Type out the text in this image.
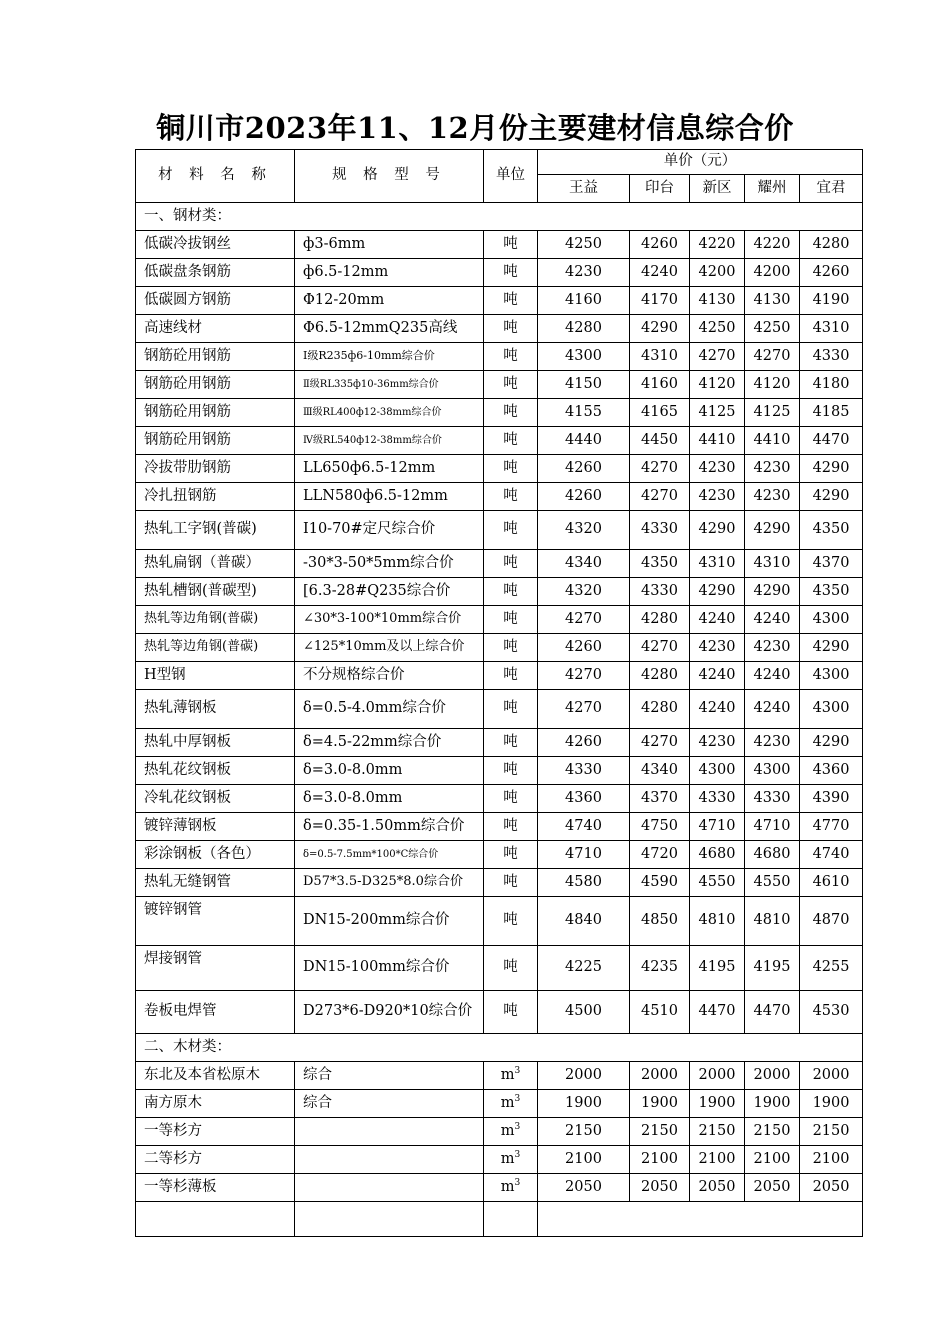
铜川市2023年11、12月份主要建材信息综合价
材 料 名 称	规 格 型 号	单位	单价（元）				
			王益	印台	新区	耀州	宜君
一、钢材类：							
低碳冷拔钢丝	ф3-6mm	吨	4250	4260	4220	4220	4280
低碳盘条钢筋	ф6.5-12mm	吨	4230	4240	4200	4200	4260
低碳圆方钢筋	Φ12-20mm	吨	4160	4170	4130	4130	4190
高速线材	Φ6.5-12mmQ235高线	吨	4280	4290	4250	4250	4310
钢筋砼用钢筋	Ⅰ级R235ф6-10mm综合价	吨	4300	4310	4270	4270	4330
钢筋砼用钢筋	Ⅱ级RL335ф10-36mm综合价	吨	4150	4160	4120	4120	4180
钢筋砼用钢筋	Ⅲ级RL400ф12-38mm综合价	吨	4155	4165	4125	4125	4185
钢筋砼用钢筋	Ⅳ级RL540ф12-38mm综合价	吨	4440	4450	4410	4410	4470
冷拔带肋钢筋	LL650ф6.5-12mm	吨	4260	4270	4230	4230	4290
冷扎扭钢筋	LLN580ф6.5-12mm	吨	4260	4270	4230	4230	4290
热轧工字钢(普碳)	Ⅰ10-70#定尺综合价	吨	4320	4330	4290	4290	4350
热轧扁钢（普碳）	-30*3-50*5mm综合价	吨	4340	4350	4310	4310	4370
热轧槽钢(普碳型)	[6.3-28#Q235综合价	吨	4320	4330	4290	4290	4350
热轧等边角钢(普碳)	∠30*3-100*10mm综合价	吨	4270	4280	4240	4240	4300
热轧等边角钢(普碳)	∠125*10mm及以上综合价	吨	4260	4270	4230	4230	4290
H型钢	不分规格综合价	吨	4270	4280	4240	4240	4300
热轧薄钢板	δ=0.5-4.0mm综合价	吨	4270	4280	4240	4240	4300
热轧中厚钢板	δ=4.5-22mm综合价	吨	4260	4270	4230	4230	4290
热轧花纹钢板	δ=3.0-8.0mm	吨	4330	4340	4300	4300	4360
冷轧花纹钢板	δ=3.0-8.0mm	吨	4360	4370	4330	4330	4390
镀锌薄钢板	δ=0.35-1.50mm综合价	吨	4740	4750	4710	4710	4770
彩涂钢板（各色）	δ=0.5-7.5mm*100*C综合价	吨	4710	4720	4680	4680	4740
热轧无缝钢管	D57*3.5-D325*8.0综合价	吨	4580	4590	4550	4550	4610
镀锌钢管	DN15-200mm综合价	吨	4840	4850	4810	4810	4870
焊接钢管	DN15-100mm综合价	吨	4225	4235	4195	4195	4255
卷板电焊管	D273*6-D920*10综合价	吨	4500	4510	4470	4470	4530
二、木材类：							
东北及本省松原木	综合	$m^3$	2000	2000	2000	2000	2000
南方原木	综合	$m^3$	1900	1900	1900	1900	1900
一等杉方		$m^3$	2150	2150	2150	2150	2150
二等杉方		$m^3$	2100	2100	2100	2100	2100
一等杉薄板		$m^3$	2050	2050	2050	2050	2050
